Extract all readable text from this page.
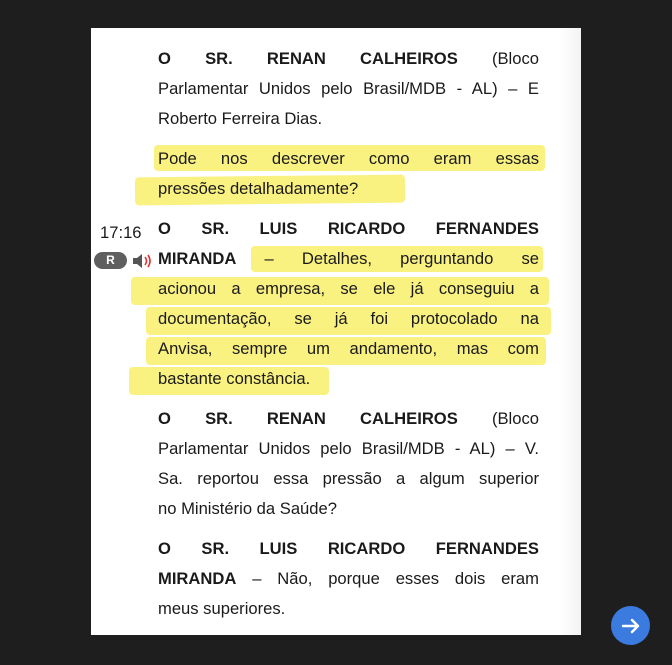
O SR. RENAN CALHEIROS (Bloco
Parlamentar Unidos pelo Brasil/MDB - AL) – E
Roberto Ferreira Dias.
Pode nos descrever como eram essas
pressões detalhadamente?
17:16
R
O SR. LUIS RICARDO FERNANDES
MIRANDA – Detalhes, perguntando se
acionou a empresa, se ele já conseguiu a
documentação, se já foi protocolado na
Anvisa, sempre um andamento, mas com
bastante constância.
O SR. RENAN CALHEIROS (Bloco
Parlamentar Unidos pelo Brasil/MDB - AL) – V.
Sa. reportou essa pressão a algum superior
no Ministério da Saúde?
O SR. LUIS RICARDO FERNANDES
MIRANDA – Não, porque esses dois eram
meus superiores.
